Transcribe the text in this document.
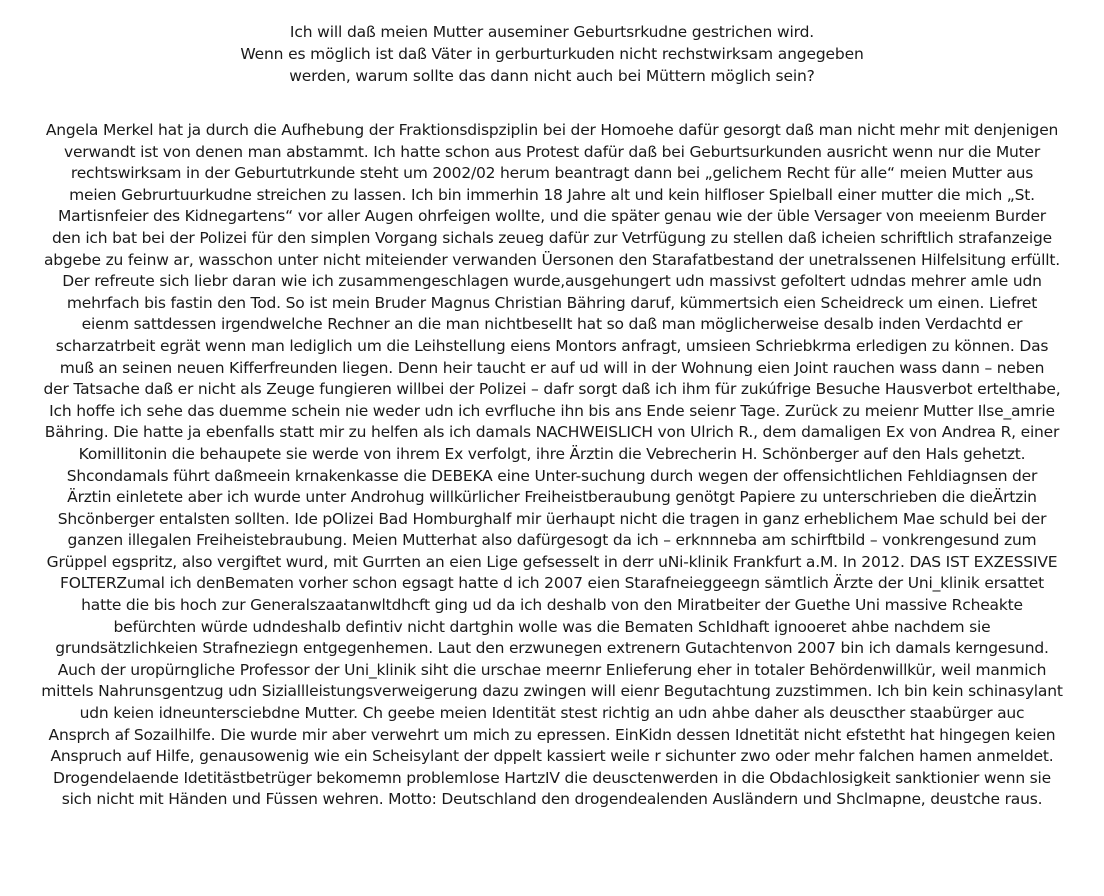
Ich will daß meien Mutter auseminer Geburtsrkudne gestrichen wird.
Wenn es möglich ist daß Väter in gerburturkuden nicht rechstwirksam angegeben
werden, warum sollte das dann nicht auch bei Müttern möglich sein?
Angela Merkel hat ja durch die Aufhebung der Fraktionsdispziplin bei der Homoehe dafür gesorgt daß man nicht mehr mit denjenigen
verwandt ist von denen man abstammt. Ich hatte schon aus Protest dafür daß bei Geburtsurkunden ausricht wenn nur die Muter
rechtswirksam in der Geburtutrkunde steht um 2002/02 herum beantragt dann bei „gelichem Recht für alle“ meien Mutter aus
meien Gebrurtuurkudne streichen zu lassen. Ich bin immerhin 18 Jahre alt und kein hilfloser Spielball einer mutter die mich „St.
Martisnfeier des Kidnegartens“ vor aller Augen ohrfeigen wollte, und die später genau wie der üble Versager von meeienm Burder
den ich bat bei der Polizei für den simplen Vorgang sichals zeueg dafür zur Vetrfügung zu stellen daß icheien schriftlich strafanzeige
abgebe zu feinw ar, wasschon unter nicht miteiender verwanden Üersonen den Starafatbestand der unetralssenen Hilfelsitung erfüllt.
Der refreute sich liebr daran wie ich zusammengeschlagen wurde,ausgehungert udn massivst gefoltert udndas mehrer amle udn
mehrfach bis fastin den Tod. So ist mein Bruder Magnus Christian Bähring daruf, kümmertsich eien Scheidreck um einen. Liefret
eienm sattdessen irgendwelche Rechner an die man nichtbeselIt hat so daß man möglicherweise desalb inden Verdachtd er
scharzatrbeit egrät wenn man lediglich um die Leihstellung eiens Montors anfragt, umsieen Schriebkrma erledigen zu können. Das
muß an seinen neuen Kifferfreunden liegen. Denn heir taucht er auf ud will in der Wohnung eien Joint rauchen wass dann – neben
der Tatsache daß er nicht als Zeuge fungieren willbei der Polizei – dafr sorgt daß ich ihm für zukúfrige Besuche Hausverbot ertelthabe,
Ich hoffe ich sehe das duemme schein nie weder udn ich evrfluche ihn bis ans Ende seienr Tage. Zurück zu meienr Mutter Ilse_amrie
Bähring. Die hatte ja ebenfalls statt mir zu helfen als ich damals NACHWEISLICH von Ulrich R., dem damaligen Ex von Andrea R, einer
Komillitonin die behaupete sie werde von ihrem Ex verfolgt, ihre Ärztin die Vebrecherin H. Schönberger auf den Hals gehetzt.
Shcondamals führt daßmeein krnakenkasse die DEBEKA eine Unter-suchung durch wegen der offensichtlichen Fehldiagnsen der
Ärztin einletete aber ich wurde unter Androhug willkürlicher Freiheistberaubung genötgt Papiere zu unterschrieben die dieÄrtzin
Shcönberger entalsten sollten. Ide pOlizei Bad Homburghalf mir üerhaupt nicht die tragen in ganz erheblichem Mae schuld bei der
ganzen illegalen Freiheistebraubung. Meien Mutterhat also dafürgesogt da ich – erknnneba am schirftbild – vonkrengesund zum
Grüppel egspritz, also vergiftet wurd, mit Gurrten an eien Lige gefsesselt in derr uNi-klinik Frankfurt a.M. In 2012. DAS IST EXZESSIVE
FOLTERZumal ich denBematen vorher schon egsagt hatte d ich 2007 eien Starafneieggeegn sämtlich Ärzte der Uni_klinik ersattet
hatte die bis hoch zur Generalszaatanwltdhcft ging ud da ich deshalb von den Miratbeiter der Guethe Uni massive Rcheakte
befürchten würde udndeshalb defintiv nicht dartghin wolle was die Bematen SchIdhaft ignooeret ahbe nachdem sie
grundsätzlichkeien Strafneziegn entgegenhemen. Laut den erzwunegen extrenern Gutachtenvon 2007 bin ich damals kerngesund.
Auch der uropürngliche Professor der Uni_klinik siht die urschae meernr Enlieferung eher in totaler Behördenwillkür, weil manmich
mittels Nahrunsgentzug udn Siziallleistungsverweigerung dazu zwingen will eienr Begutachtung zuzstimmen. Ich bin kein schinasylant
udn keien idneuntersciebdne Mutter. Ch geebe meien Identität stest richtig an udn ahbe daher als deuscther staabürger auc
Ansprch af Sozailhilfe. Die wurde mir aber verwehrt um mich zu epressen. EinKidn dessen Idnetität nicht efstetht hat hingegen keien
Anspruch auf Hilfe, genausowenig wie ein Scheisylant der dppelt kassiert weile r sichunter zwo oder mehr falchen hamen anmeldet.
Drogendelaende Idetitästbetrüger bekomemn problemlose HartzIV die deusctenwerden in die Obdachlosigkeit sanktionier wenn sie
sich nicht mit Händen und Füssen wehren. Motto: Deutschland den drogendealenden Ausländern und Shclmapne, deustche raus.
